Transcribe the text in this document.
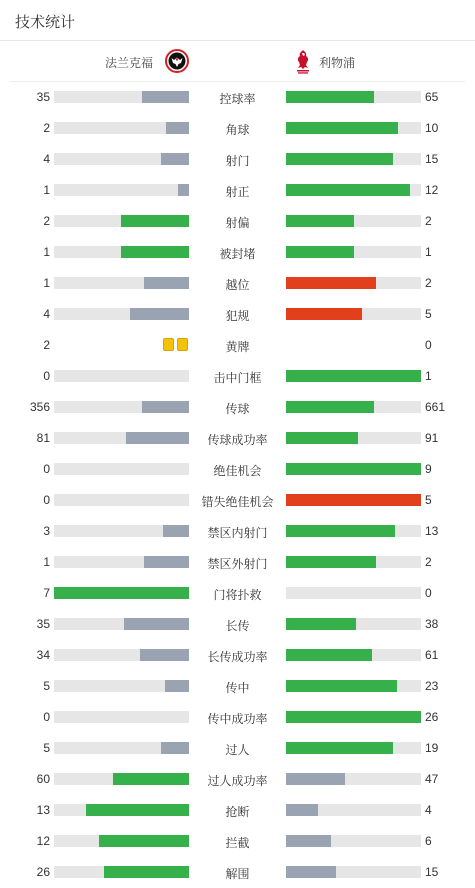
技术统计
法兰克福	利物浦
35	控球率	65
2	角球	10
4	射门	15
1	射正	12
2	射偏	2
1	被封堵	1
1	越位	2
4	犯规	5
2	黄牌	0
0	击中门框	1
356	传球	661
81	传球成功率	91
0	绝佳机会	9
0	错失绝佳机会	5
3	禁区内射门	13
1	禁区外射门	2
7	门将扑救	0
35	长传	38
34	长传成功率	61
5	传中	23
0	传中成功率	26
5	过人	19
60	过人成功率	47
13	抢断	4
12	拦截	6
26	解围	15
